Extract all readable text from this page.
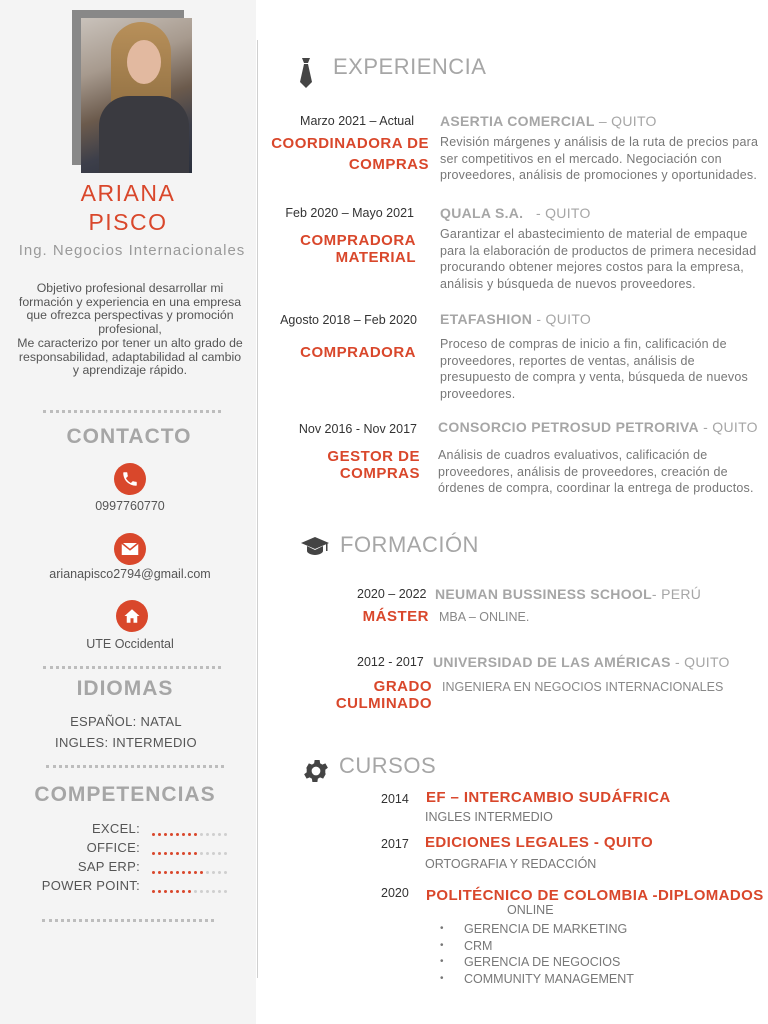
ARIANA
PISCO
Ing. Negocios Internacionales
Objetivo profesional desarrollar mi formación y experiencia en una empresa que ofrezca perspectivas y promoción profesional,
Me caracterizo por tener un alto grado de responsabilidad, adaptabilidad al cambio y aprendizaje rápido.
CONTACTO
0997760770
arianapisco2794@gmail.com
UTE Occidental
IDIOMAS
ESPAÑOL: NATAL
INGLES: INTERMEDIO
COMPETENCIAS
EXCEL:
OFFICE:
SAP ERP:
POWER POINT:
EXPERIENCIA
Marzo 2021 – Actual
COORDINADORA DE COMPRAS
ASERTIA COMERCIAL – QUITO
Revisión márgenes y análisis de la ruta de precios para ser competitivos en el mercado. Negociación con proveedores, análisis de promociones y oportunidades.
Feb 2020 – Mayo 2021
COMPRADORA MATERIAL
QUALA S.A.   - QUITO
Garantizar el abastecimiento de material de empaque para la elaboración de productos de primera necesidad procurando obtener mejores costos para la empresa, análisis y búsqueda de nuevos proveedores.
Agosto 2018 – Feb 2020
COMPRADORA
ETAFASHION - QUITO
Proceso de compras de inicio a fin, calificación de proveedores, reportes de ventas, análisis de presupuesto de compra y venta, búsqueda de nuevos proveedores.
Nov 2016 - Nov 2017
GESTOR DE COMPRAS
CONSORCIO PETROSUD PETRORIVA - QUITO
Análisis de cuadros evaluativos, calificación de proveedores, análisis de proveedores, creación de órdenes de compra, coordinar la entrega de productos.
FORMACIÓN
2020 – 2022 NEUMAN BUSSINESS SCHOOL- PERÚ
MÁSTER MBA – ONLINE.
2012 - 2017 UNIVERSIDAD DE LAS AMÉRICAS - QUITO
GRADO CULMINADO
INGENIERA EN NEGOCIOS INTERNACIONALES
CURSOS
2014 EF – INTERCAMBIO SUDÁFRICA
INGLES INTERMEDIO
2017 EDICIONES LEGALES - QUITO
ORTOGRAFIA Y REDACCIÓN
2020 POLITÉCNICO DE COLOMBIA -DIPLOMADOS
ONLINE
• GERENCIA DE MARKETING
• CRM
• GERENCIA DE NEGOCIOS
• COMMUNITY MANAGEMENT
